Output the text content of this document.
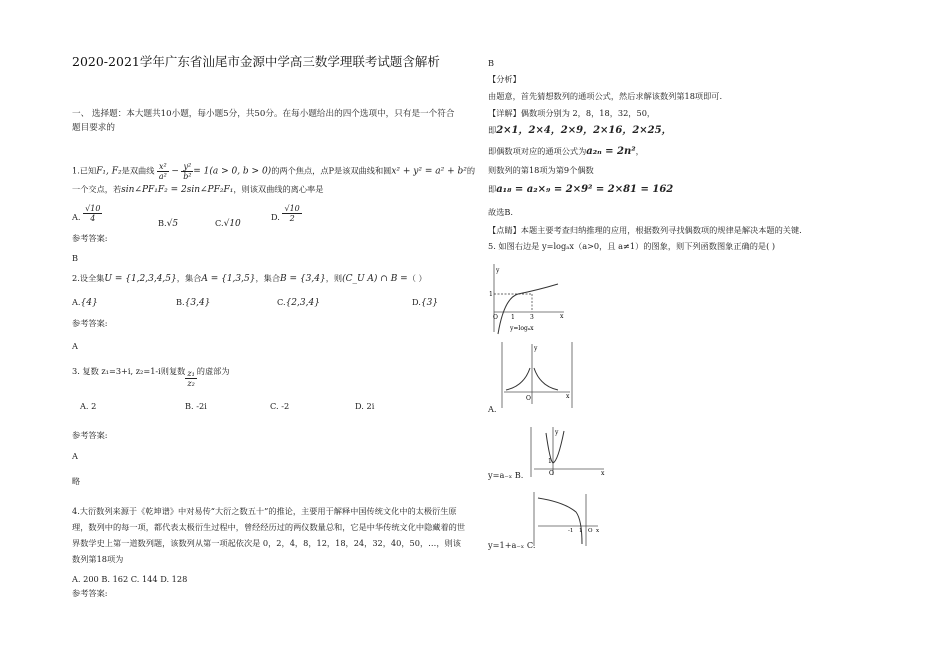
2020-2021学年广东省汕尾市金源中学高三数学理联考试题含解析
一、 选择题：本大题共10小题，每小题5分，共50分。在每小题给出的四个选项中，只有是一个符合题目要求的
1.已知F₁, F₂是双曲线 $\frac{\text{x²}}{\text{a²}} - \frac{\text{y²}}{\text{b²}} = 1(a > 0$, b > 0)的两个焦点，点P是该双曲线和圆x² + y² = a² + b²的
一个交点，若sin∠PF₁F₂ = 2sin∠PF₂F₁，则该双曲线的离心率是
A. $\frac{√10}{4}$	B.√5	C.√10
D. $\frac{√10}{2}$
参考答案:
B
2.设全集U = {1,2,3,4,5}，集合A = {1,3,5}，集合B = {3,4}，则(C_U A) ∩ B =（ ）
A.{4}	B.{3,4}	C.{2,3,4}	D.{3}
参考答案:
A
3. 复数 z₁=3+i, z₂=1-i则复数 $\frac{\text{z₁}}{\text{z₂}}$ 的虚部为
A. 2	B. -2i	C. -2	D. 2i
参考答案:
A
略
4.大衍数列来源于《乾坤谱》中对易传“大衍之数五十”的推论，主要用于解释中国传统文化中的太极衍生原理，数列中的每一项，都代表太极衍生过程中，曾经经历过的两仪数量总和，它是中华传统文化中隐藏着的世界数学史上第一道数列题，该数列从第一项起依次是 0，2，4，8，12，18，24，32，40，50，…，则该数列第18项为
A. 200 B. 162 C. 144 D. 128
参考答案:
B
【分析】
由题意，首先猜想数列的通项公式，然后求解该数列第18项即可.
【详解】偶数项分别为 2，8，18，32，50，
即2×1，2×4，2×9，2×16，2×25，
即偶数项对应的通项公式为a₂ₙ = 2n²，
则数列的第18项为第9个偶数
即a₁₈ = a₂×₉ = 2×9² = 2×81 = 162
故选B.
【点睛】本题主要考查归纳推理的应用，根据数列寻找偶数项的规律是解决本题的关键.
5. 如图右边是 y=logₐx（a>0，且 a≠1）的图象，则下列函数图象正确的是( )
y
x
1
O 1	3
y=logₐx
y
O	x
A.
y
O	x
1
y=a₋ₓ B.
-1	O
1 x
y=1+a₋ₓ C.
